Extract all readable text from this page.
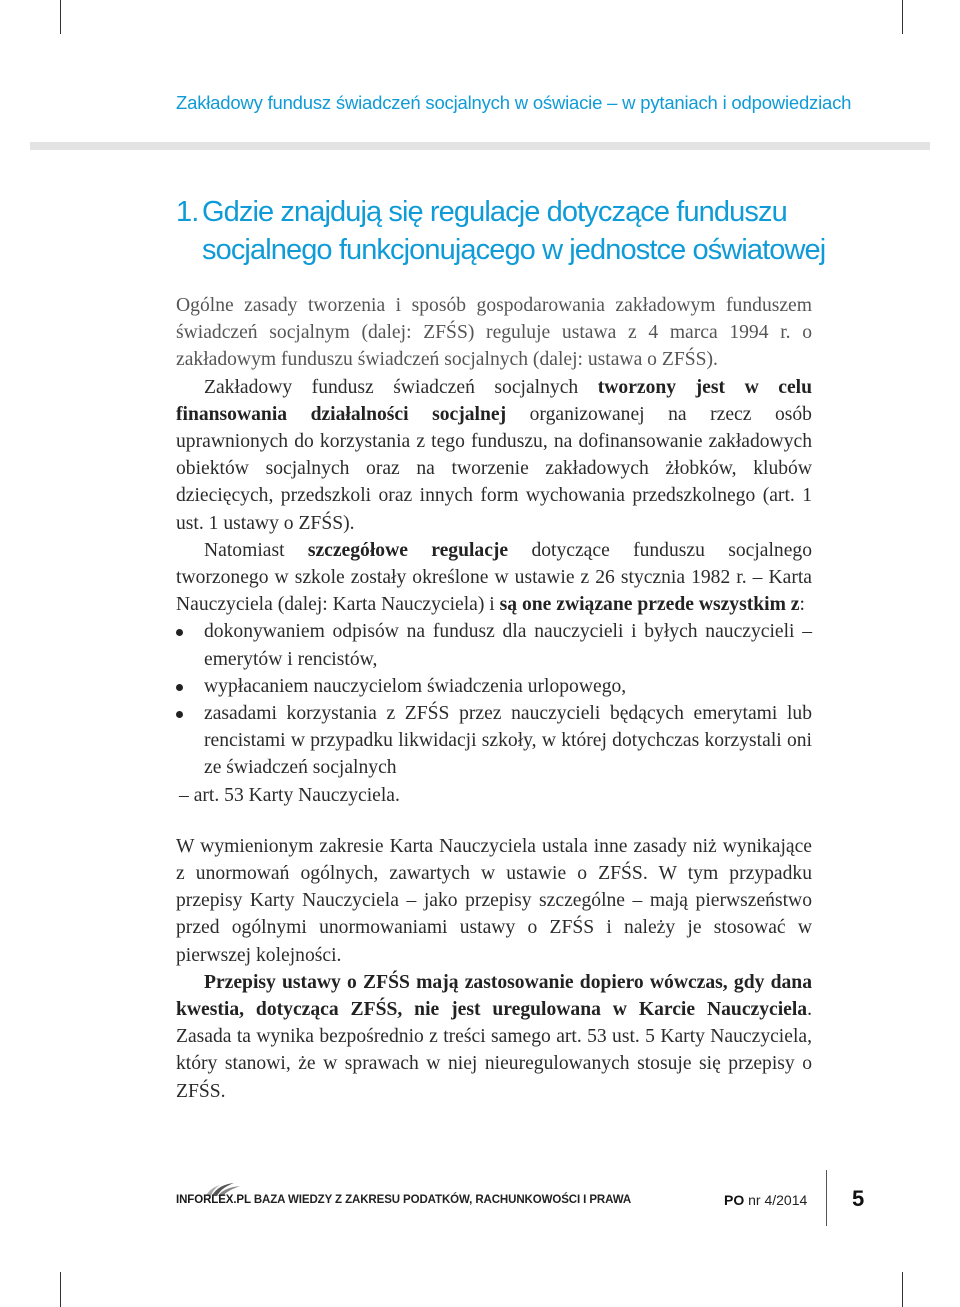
Zakładowy fundusz świadczeń socjalnych w oświacie – w pytaniach i odpowiedziach
1. Gdzie znajdują się regulacje dotyczące funduszu
socjalnego funkcjonującego w jednostce oświatowej

Ogólne zasady tworzenia i sposób gospodarowania zakładowym funduszem świadczeń socjalnym (dalej: ZFŚS) reguluje ustawa z 4 marca 1994 r. o zakładowym funduszu świadczeń socjalnych (dalej: ustawa o ZFŚS).

Zakładowy fundusz świadczeń socjalnych tworzony jest w celu finansowania działalności socjalnej organizowanej na rzecz osób uprawnionych do korzystania z tego funduszu, na dofinansowanie zakładowych obiektów socjalnych oraz na tworzenie zakładowych żłobków, klubów dziecięcych, przedszkoli oraz innych form wychowania przedszkolnego (art. 1 ust. 1 ustawy o ZFŚS).

Natomiast szczegółowe regulacje dotyczące funduszu socjalnego tworzonego w szkole zostały określone w ustawie z 26 stycznia 1982 r. – Karta Nauczyciela (dalej: Karta Nauczyciela) i są one związane przede wszystkim z:

dokonywaniem odpisów na fundusz dla nauczycieli i byłych nauczycieli – emerytów i rencistów,
wypłacaniem nauczycielom świadczenia urlopowego,
zasadami korzystania z ZFŚS przez nauczycieli będących emerytami lub rencistami w przypadku likwidacji szkoły, w której dotychczas korzystali oni ze świadczeń socjalnych

– art. 53 Karty Nauczyciela.

W wymienionym zakresie Karta Nauczyciela ustala inne zasady niż wynikające z unormowań ogólnych, zawartych w ustawie o ZFŚS. W tym przypadku przepisy Karty Nauczyciela – jako przepisy szczególne – mają pierwszeństwo przed ogólnymi unormowaniami ustawy o ZFŚS i należy je stosować w pierwszej kolejności.

Przepisy ustawy o ZFŚS mają zastosowanie dopiero wówczas, gdy dana kwestia, dotycząca ZFŚS, nie jest uregulowana w Karcie Nauczyciela. Zasada ta wynika bezpośrednio z treści samego art. 53 ust. 5 Karty Nauczyciela, który stanowi, że w sprawach w niej nieuregulowanych stosuje się przepisy o ZFŚS.

INFORLEX.PL BAZA WIEDZY Z ZAKRESU PODATKÓW, RACHUNKOWOŚCI I PRAWA	PO nr 4/2014 5
